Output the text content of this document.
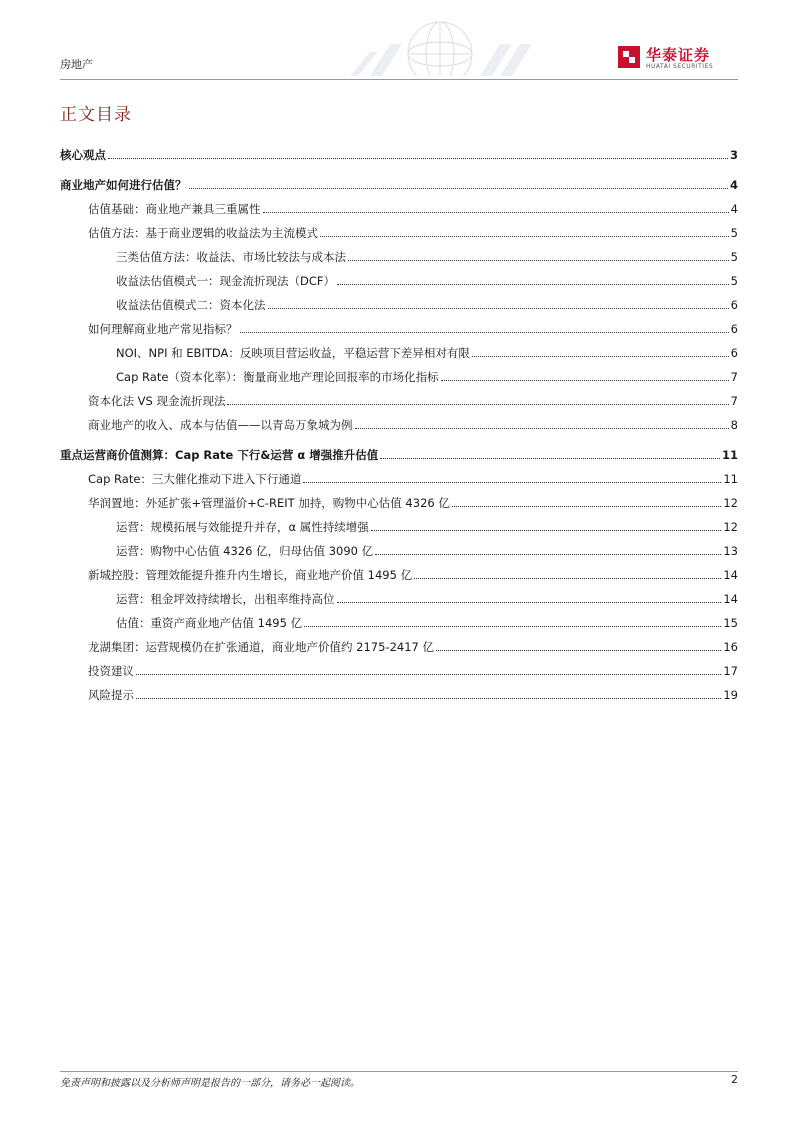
房地产
华泰证券
HUATAI SECURITIES
正文目录
核心观点	3
商业地产如何进行估值？	4
估值基础：商业地产兼具三重属性	4
估值方法：基于商业逻辑的收益法为主流模式	5
三类估值方法：收益法、市场比较法与成本法	5
收益法估值模式一：现金流折现法（DCF）	5
收益法估值模式二：资本化法	6
如何理解商业地产常见指标？	6
NOI、NPI 和 EBITDA：反映项目营运收益，平稳运营下差异相对有限	6
Cap Rate（资本化率）：衡量商业地产理论回报率的市场化指标	7
资本化法 VS 现金流折现法	7
商业地产的收入、成本与估值——以青岛万象城为例	8
重点运营商价值测算：Cap Rate 下行&运营 α 增强推升估值	11
Cap Rate：三大催化推动下进入下行通道	11
华润置地：外延扩张+管理溢价+C-REIT 加持，购物中心估值 4326 亿	12
运营：规模拓展与效能提升并存，α 属性持续增强	12
运营：购物中心估值 4326 亿，归母估值 3090 亿	13
新城控股：管理效能提升推升内生增长，商业地产价值 1495 亿	14
运营：租金坪效持续增长，出租率维持高位	14
估值：重资产商业地产估值 1495 亿	15
龙湖集团：运营规模仍在扩张通道，商业地产价值约 2175-2417 亿	16
投资建议	17
风险提示	19
免责声明和披露以及分析师声明是报告的一部分，请务必一起阅读。	2
